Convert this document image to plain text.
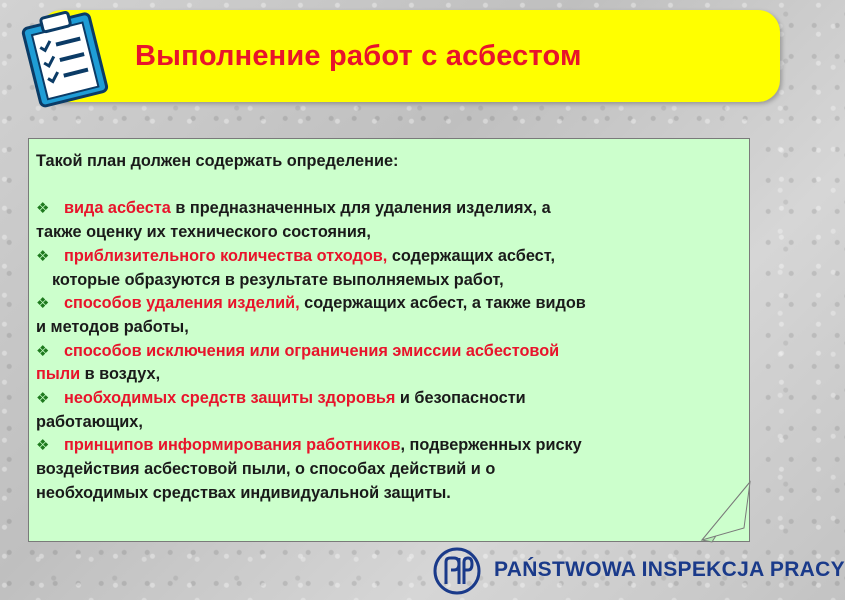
Выполнение работ с асбестом

Такой план должен содержать определение:

❖ вида асбеста в предназначенных для удаления изделиях, а
также оценку их технического состояния,

❖ приблизительного количества отходов, содержащих асбест,
которые образуются в результате выполняемых работ,

❖ способов удаления изделий, содержащих асбест, а также видов
и методов работы,

❖ способов исключения или ограничения эмиссии асбестовой
пыли в воздух,

❖ необходимых средств защиты здоровья и безопасности
работающих,

❖ принципов информирования работников, подверженных риску
воздействия асбестовой пыли, о способах действий и о
необходимых средствах индивидуальной защиты.

PAŃSTWOWA INSPEKCJA PRACY
